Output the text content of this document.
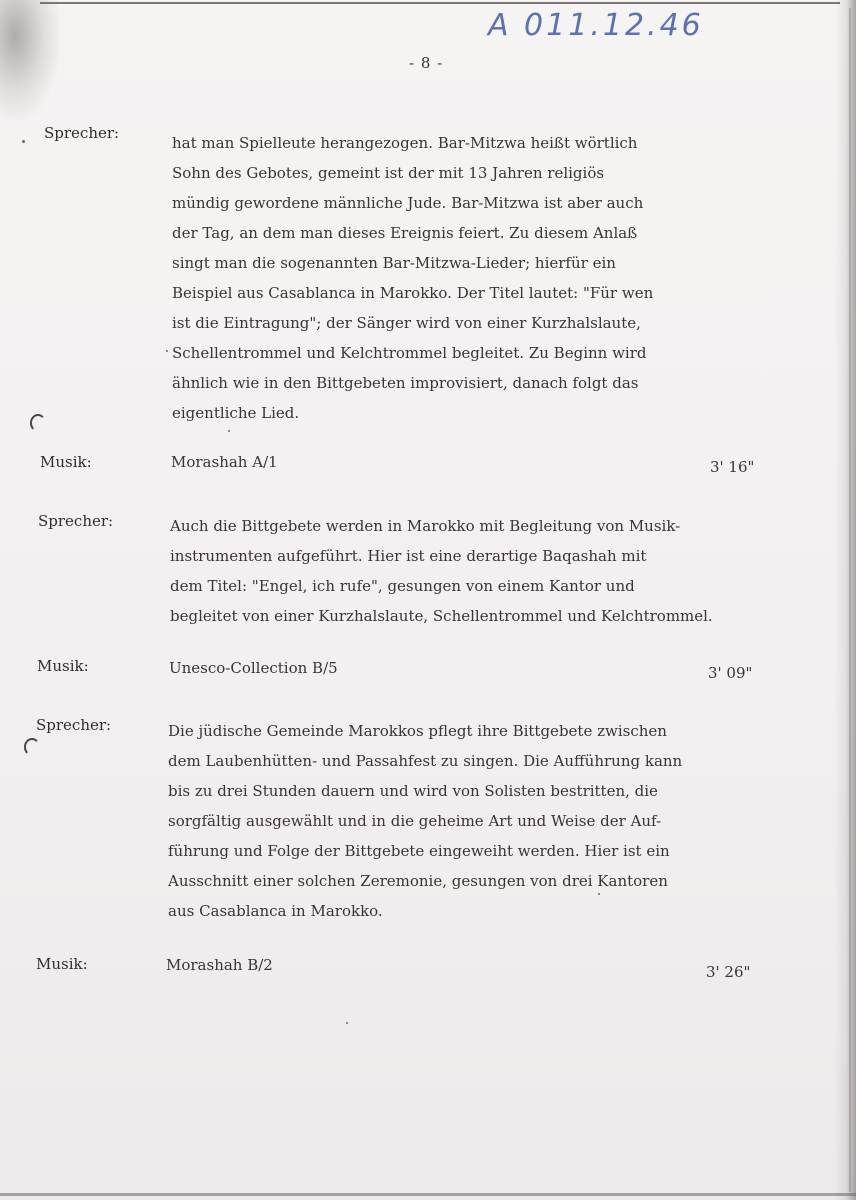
A 011.12.46
- 8 -
Sprecher:
hat man Spielleute herangezogen. Bar-Mitzwa heißt wörtlich
Sohn des Gebotes, gemeint ist der mit 13 Jahren religiös
mündig gewordene männliche Jude. Bar-Mitzwa ist aber auch
der Tag, an dem man dieses Ereignis feiert. Zu diesem Anlaß
singt man die sogenannten Bar-Mitzwa-Lieder; hierfür ein
Beispiel aus Casablanca in Marokko. Der Titel lautet: "Für wen
ist die Eintragung"; der Sänger wird von einer Kurzhalslaute,
Schellentrommel und Kelchtrommel begleitet. Zu Beginn wird
ähnlich wie in den Bittgebeten improvisiert, danach folgt das
eigentliche Lied.
Musik:	Morashah A/1	3' 16"
Sprecher:	Auch die Bittgebete werden in Marokko mit Begleitung von Musik-
instrumenten aufgeführt. Hier ist eine derartige Baqashah mit
dem Titel: "Engel, ich rufe", gesungen von einem Kantor und
begleitet von einer Kurzhalslaute, Schellentrommel und Kelchtrommel.
Musik:	Unesco-Collection B/5	3' 09"
Sprecher:	Die jüdische Gemeinde Marokkos pflegt ihre Bittgebete zwischen
dem Laubenhütten- und Passahfest zu singen. Die Aufführung kann
bis zu drei Stunden dauern und wird von Solisten bestritten, die
sorgfältig ausgewählt und in die geheime Art und Weise der Auf-
führung und Folge der Bittgebete eingeweiht werden. Hier ist ein
Ausschnitt einer solchen Zeremonie, gesungen von drei Kantoren
aus Casablanca in Marokko.
Musik:	Morashah B/2	3' 26"
